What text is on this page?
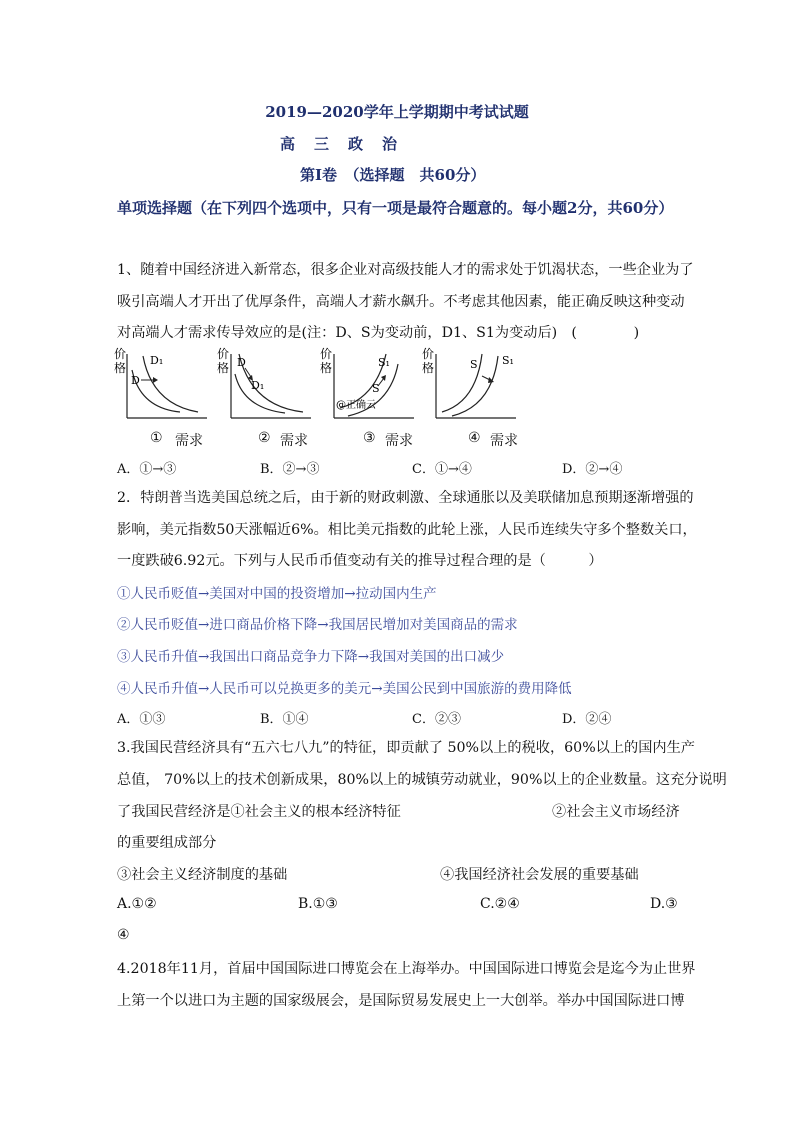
2019—2020学年上学期期中考试试题
高　三　政　治
第Ⅰ卷　（选择题　共60分）
单项选择题（在下列四个选项中，只有一项是最符合题意的。每小题2分，共60分）
1、随着中国经济进入新常态，很多企业对高级技能人才的需求处于饥渴状态，一些企业为了
吸引高端人才开出了优厚条件，高端人才薪水飙升。不考虑其他因素，能正确反映这种变动
对高端人才需求传导效应的是(注：D、S为变动前，D1、S1为变动后)　(　　　　)
价
格
D
D₁
需求
①
价
格 D
D₁
需求
②
价
格	S₁
S
@正确云
需求
③
价
格	S S₁
需求
④
A．①→③	B．②→③	C．①→④	D．②→④
2．特朗普当选美国总统之后，由于新的财政刺激、全球通胀以及美联储加息预期逐渐增强的
影响，美元指数50天涨幅近6%。相比美元指数的此轮上涨，人民币连续失守多个整数关口，
一度跌破6.92元。下列与人民币币值变动有关的推导过程合理的是（　　　）
①人民币贬值→美国对中国的投资增加→拉动国内生产
②人民币贬值→进口商品价格下降→我国居民增加对美国商品的需求
③人民币升值→我国出口商品竞争力下降→我国对美国的出口减少
④人民币升值→人民币可以兑换更多的美元→美国公民到中国旅游的费用降低
A．①③	B．①④	C．②③	D．②④
3.我国民营经济具有“五六七八九”的特征，即贡献了 50%以上的税收，60%以上的国内生产
总值， 70%以上的技术创新成果，80%以上的城镇劳动就业，90%以上的企业数量。这充分说明
了我国民营经济是①社会主义的根本经济特征	②社会主义市场经济
的重要组成部分
③社会主义经济制度的基础	④我国经济社会发展的重要基础
A.①②	B.①③	C.②④	D.③
④
4.2018年11月，首届中国国际进口博览会在上海举办。中国国际进口博览会是迄今为止世界
上第一个以进口为主题的国家级展会，是国际贸易发展史上一大创举。举办中国国际进口博
